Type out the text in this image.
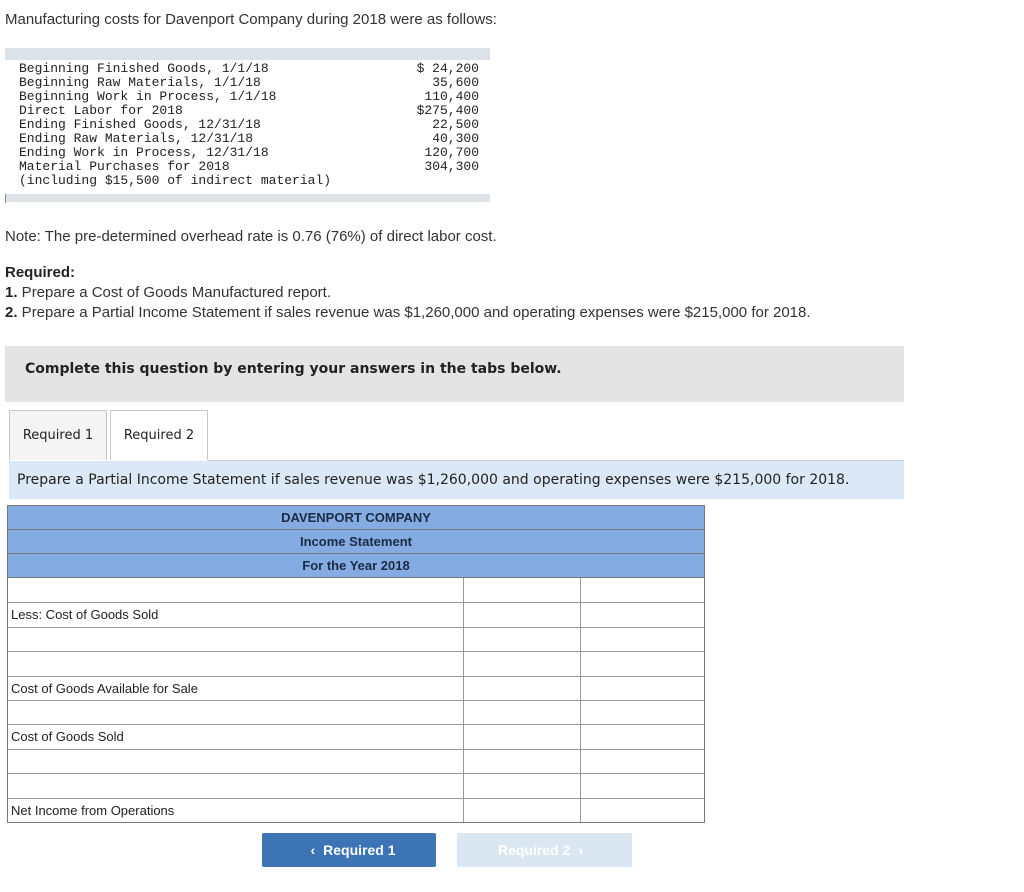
Manufacturing costs for Davenport Company during 2018 were as follows:
Beginning Finished Goods, 1/1/18	$ 24,200
Beginning Raw Materials, 1/1/18	35,600
Beginning Work in Process, 1/1/18	110,400
Direct Labor for 2018	$275,400
Ending Finished Goods, 12/31/18	22,500
Ending Raw Materials, 12/31/18	40,300
Ending Work in Process, 12/31/18	120,700
Material Purchases for 2018	304,300
(including $15,500 of indirect material)
Note: The pre-determined overhead rate is 0.76 (76%) of direct labor cost.
Required:
1. Prepare a Cost of Goods Manufactured report.
2. Prepare a Partial Income Statement if sales revenue was $1,260,000 and operating expenses were $215,000 for 2018.
Complete this question by entering your answers in the tabs below.
Required 1	Required 2
Prepare a Partial Income Statement if sales revenue was $1,260,000 and operating expenses were $215,000 for 2018.
DAVENPORT COMPANY
Income Statement
For the Year 2018
Less: Cost of Goods Sold
Cost of Goods Available for Sale
Cost of Goods Sold
Net Income from Operations
‹ Required 1	Required 2 ›
